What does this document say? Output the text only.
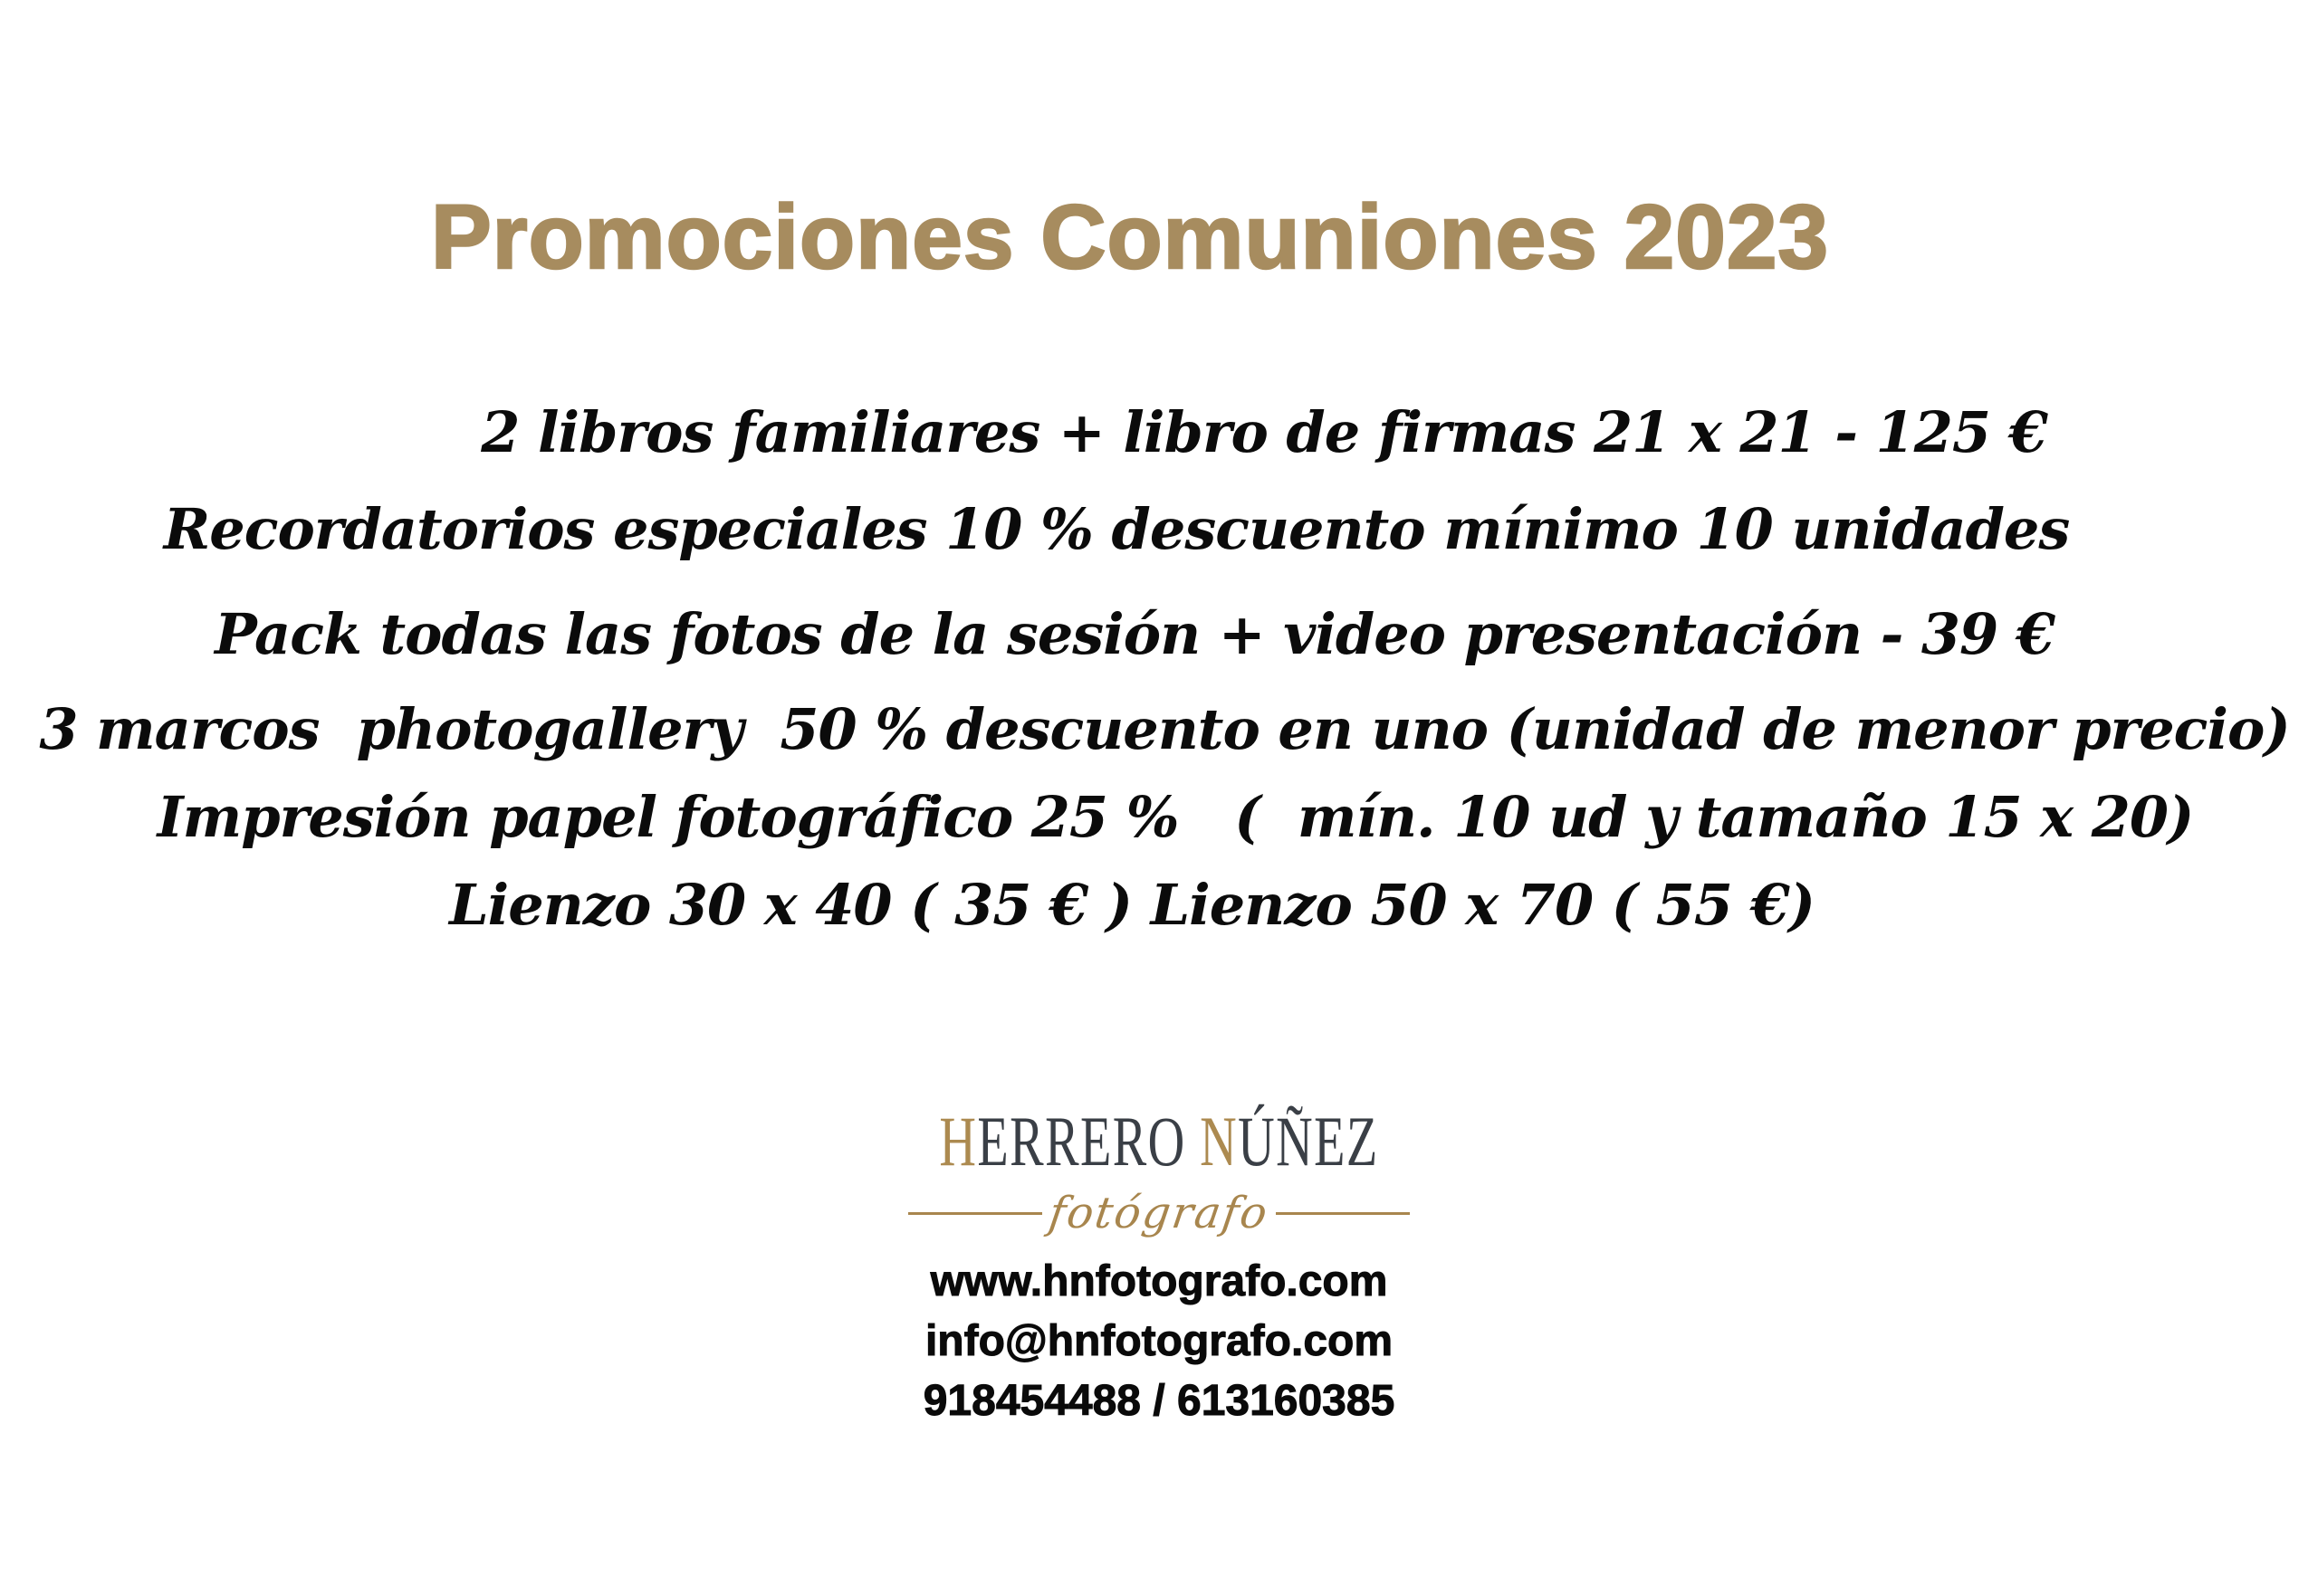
Promociones Comuniones 2023
2 libros familiares + libro de firmas 21 x 21 - 125 €
Recordatorios especiales 10 % descuento mínimo 10 unidades
Pack todas las fotos de la sesión + video presentación - 39 €
3 marcos  photogallery  50 % descuento en uno (unidad de menor precio)
Impresión papel fotográfico 25 %   (  mín. 10 ud y tamaño 15 x 20)
Lienzo 30 x 40 ( 35 € ) Lienzo 50 x 70 ( 55 €)
HERRERO NÚÑEZ
fotógrafo
www.hnfotografo.com
info@hnfotografo.com
918454488 / 613160385
